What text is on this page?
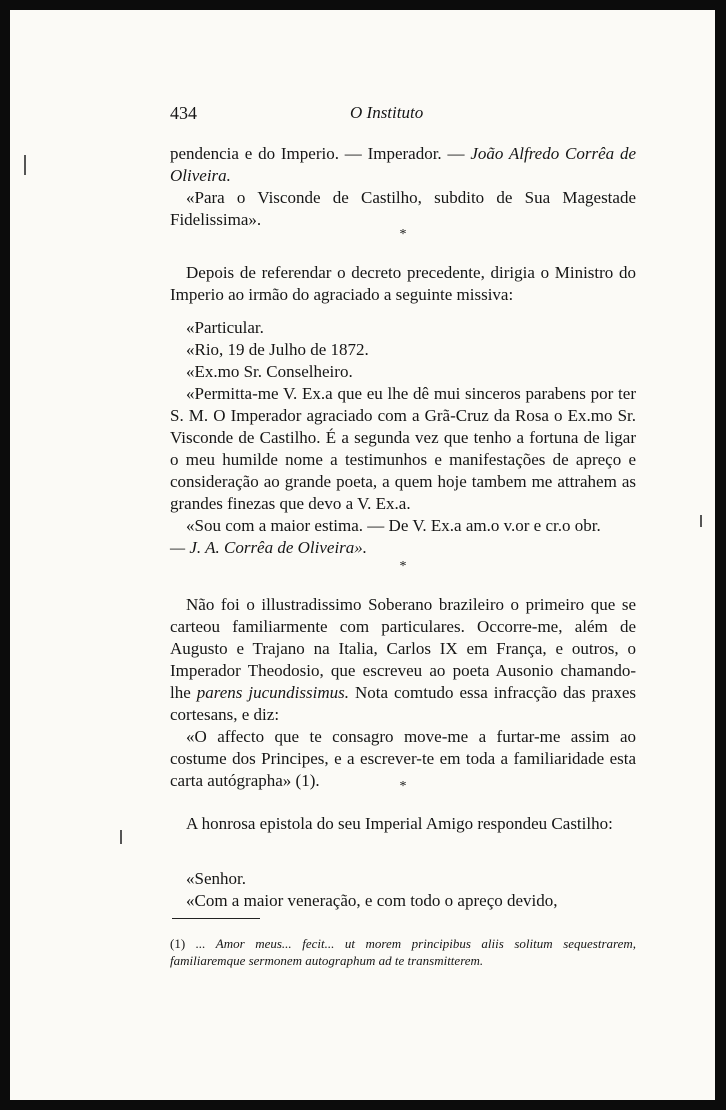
434	O Instituto

pendencia e do Imperio. — Imperador. — João Alfredo Corrêa de Oliveira.

«Para o Visconde de Castilho, subdito de Sua Magestade Fidelissima».

*

Depois de referendar o decreto precedente, dirigia o Ministro do Imperio ao irmão do agraciado a seguinte missiva:

«Particular.

«Rio, 19 de Julho de 1872.

«Ex.mo Sr. Conselheiro.

«Permitta-me V. Ex.a que eu lhe dê mui sinceros parabens por ter S. M. O Imperador agraciado com a Grã-Cruz da Rosa o Ex.mo Sr. Visconde de Castilho. É a segunda vez que tenho a fortuna de ligar o meu humilde nome a testimunhos e manifestações de apreço e consideração ao grande poeta, a quem hoje tambem me attrahem as grandes finezas que devo a V. Ex.a.

«Sou com a maior estima. — De V. Ex.a am.o v.or e cr.o obr.

— J. A. Corrêa de Oliveira».

*

Não foi o illustradissimo Soberano brazileiro o primeiro que se carteou familiarmente com particulares. Occorre-me, além de Augusto e Trajano na Italia, Carlos IX em França, e outros, o Imperador Theodosio, que escreveu ao poeta Ausonio chamando-lhe parens jucundissimus. Nota comtudo essa infracção das praxes cortesans, e diz:

«O affecto que te consagro move-me a furtar-me assim ao costume dos Principes, e a escrever-te em toda a familiaridade esta carta autógrapha» (1).	*

A honrosa epistola do seu Imperial Amigo respondeu Castilho:

«Senhor.

«Com a maior veneração, e com todo o apreço devido,

(1) ... Amor meus... fecit... ut morem principibus aliis solitum sequestrarem, familiaremque sermonem autographum ad te transmitterem.
